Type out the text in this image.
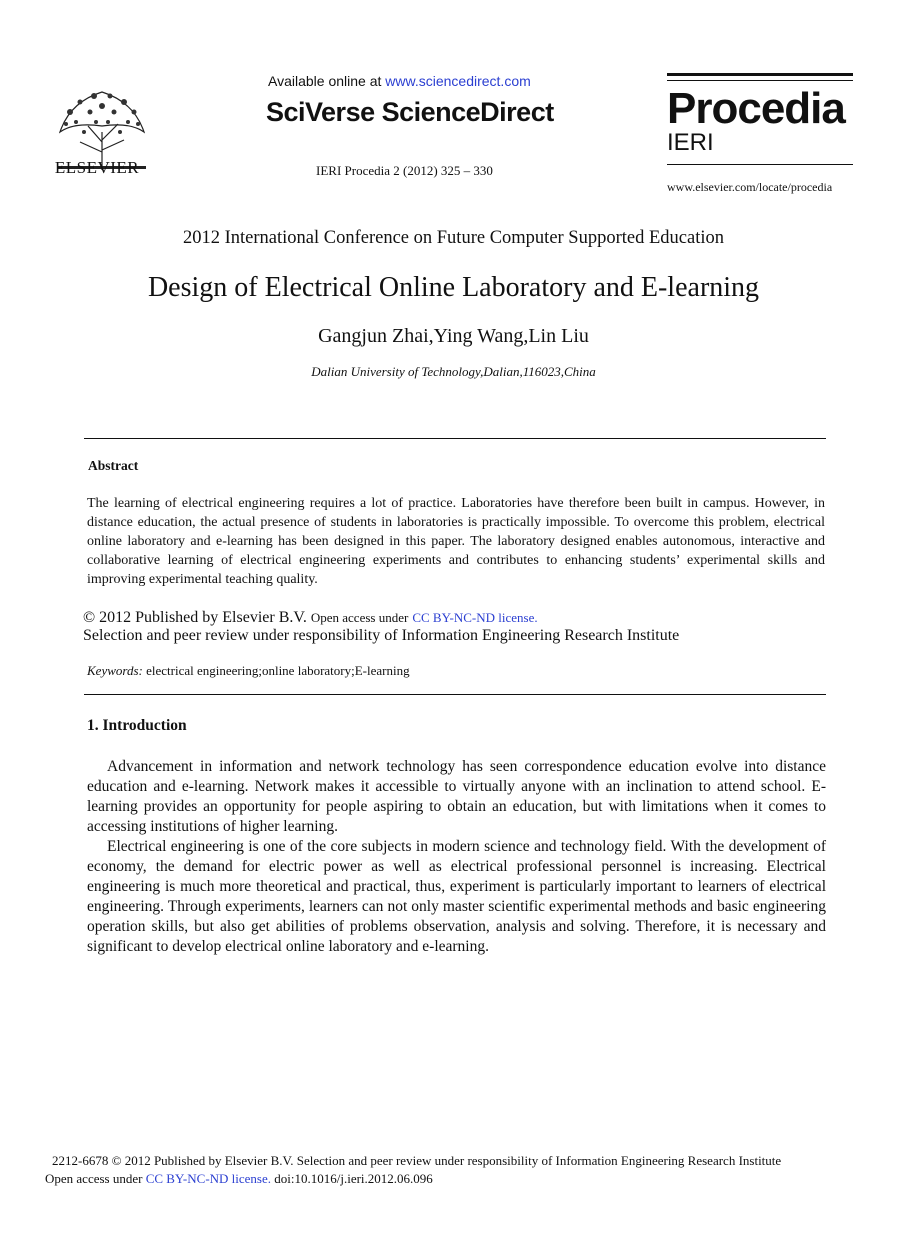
ELSEVIER
Available online at www.sciencedirect.com
SciVerse ScienceDirect
IERI Procedia 2 (2012) 325 – 330
Procedia
IERI
www.elsevier.com/locate/procedia
2012 International Conference on Future Computer Supported Education
Design of Electrical Online Laboratory and E-learning
Gangjun Zhai,Ying Wang,Lin Liu
Dalian University of Technology,Dalian,116023,China
Abstract
The learning of electrical engineering requires a lot of practice. Laboratories have therefore been built in campus. However, in distance education, the actual presence of students in laboratories is practically impossible. To overcome this problem, electrical online laboratory and e-learning has been designed in this paper. The laboratory designed enables autonomous, interactive and collaborative learning of electrical engineering experiments and contributes to enhancing students’ experimental skills and improving experimental teaching quality.
© 2012 Published by Elsevier B.V. Open access under CC BY-NC-ND license.
Selection and peer review under responsibility of Information Engineering Research Institute
Keywords: electrical engineering;online laboratory;E-learning
1. Introduction

Advancement in information and network technology has seen correspondence education evolve into distance education and e-learning. Network makes it accessible to virtually anyone with an inclination to attend school. E-learning provides an opportunity for people aspiring to obtain an education, but with limitations when it comes to accessing institutions of higher learning.

Electrical engineering is one of the core subjects in modern science and technology field. With the development of economy, the demand for electric power as well as electrical professional personnel is increasing. Electrical engineering is much more theoretical and practical, thus, experiment is particularly important to learners of electrical engineering. Through experiments, learners can not only master scientific experimental methods and basic engineering operation skills, but also get abilities of problems observation, analysis and solving. Therefore, it is necessary and significant to develop electrical online laboratory and e-learning.

2212-6678 © 2012 Published by Elsevier B.V. Selection and peer review under responsibility of Information Engineering Research Institute
Open access under CC BY-NC-ND license. doi:10.1016/j.ieri.2012.06.096
